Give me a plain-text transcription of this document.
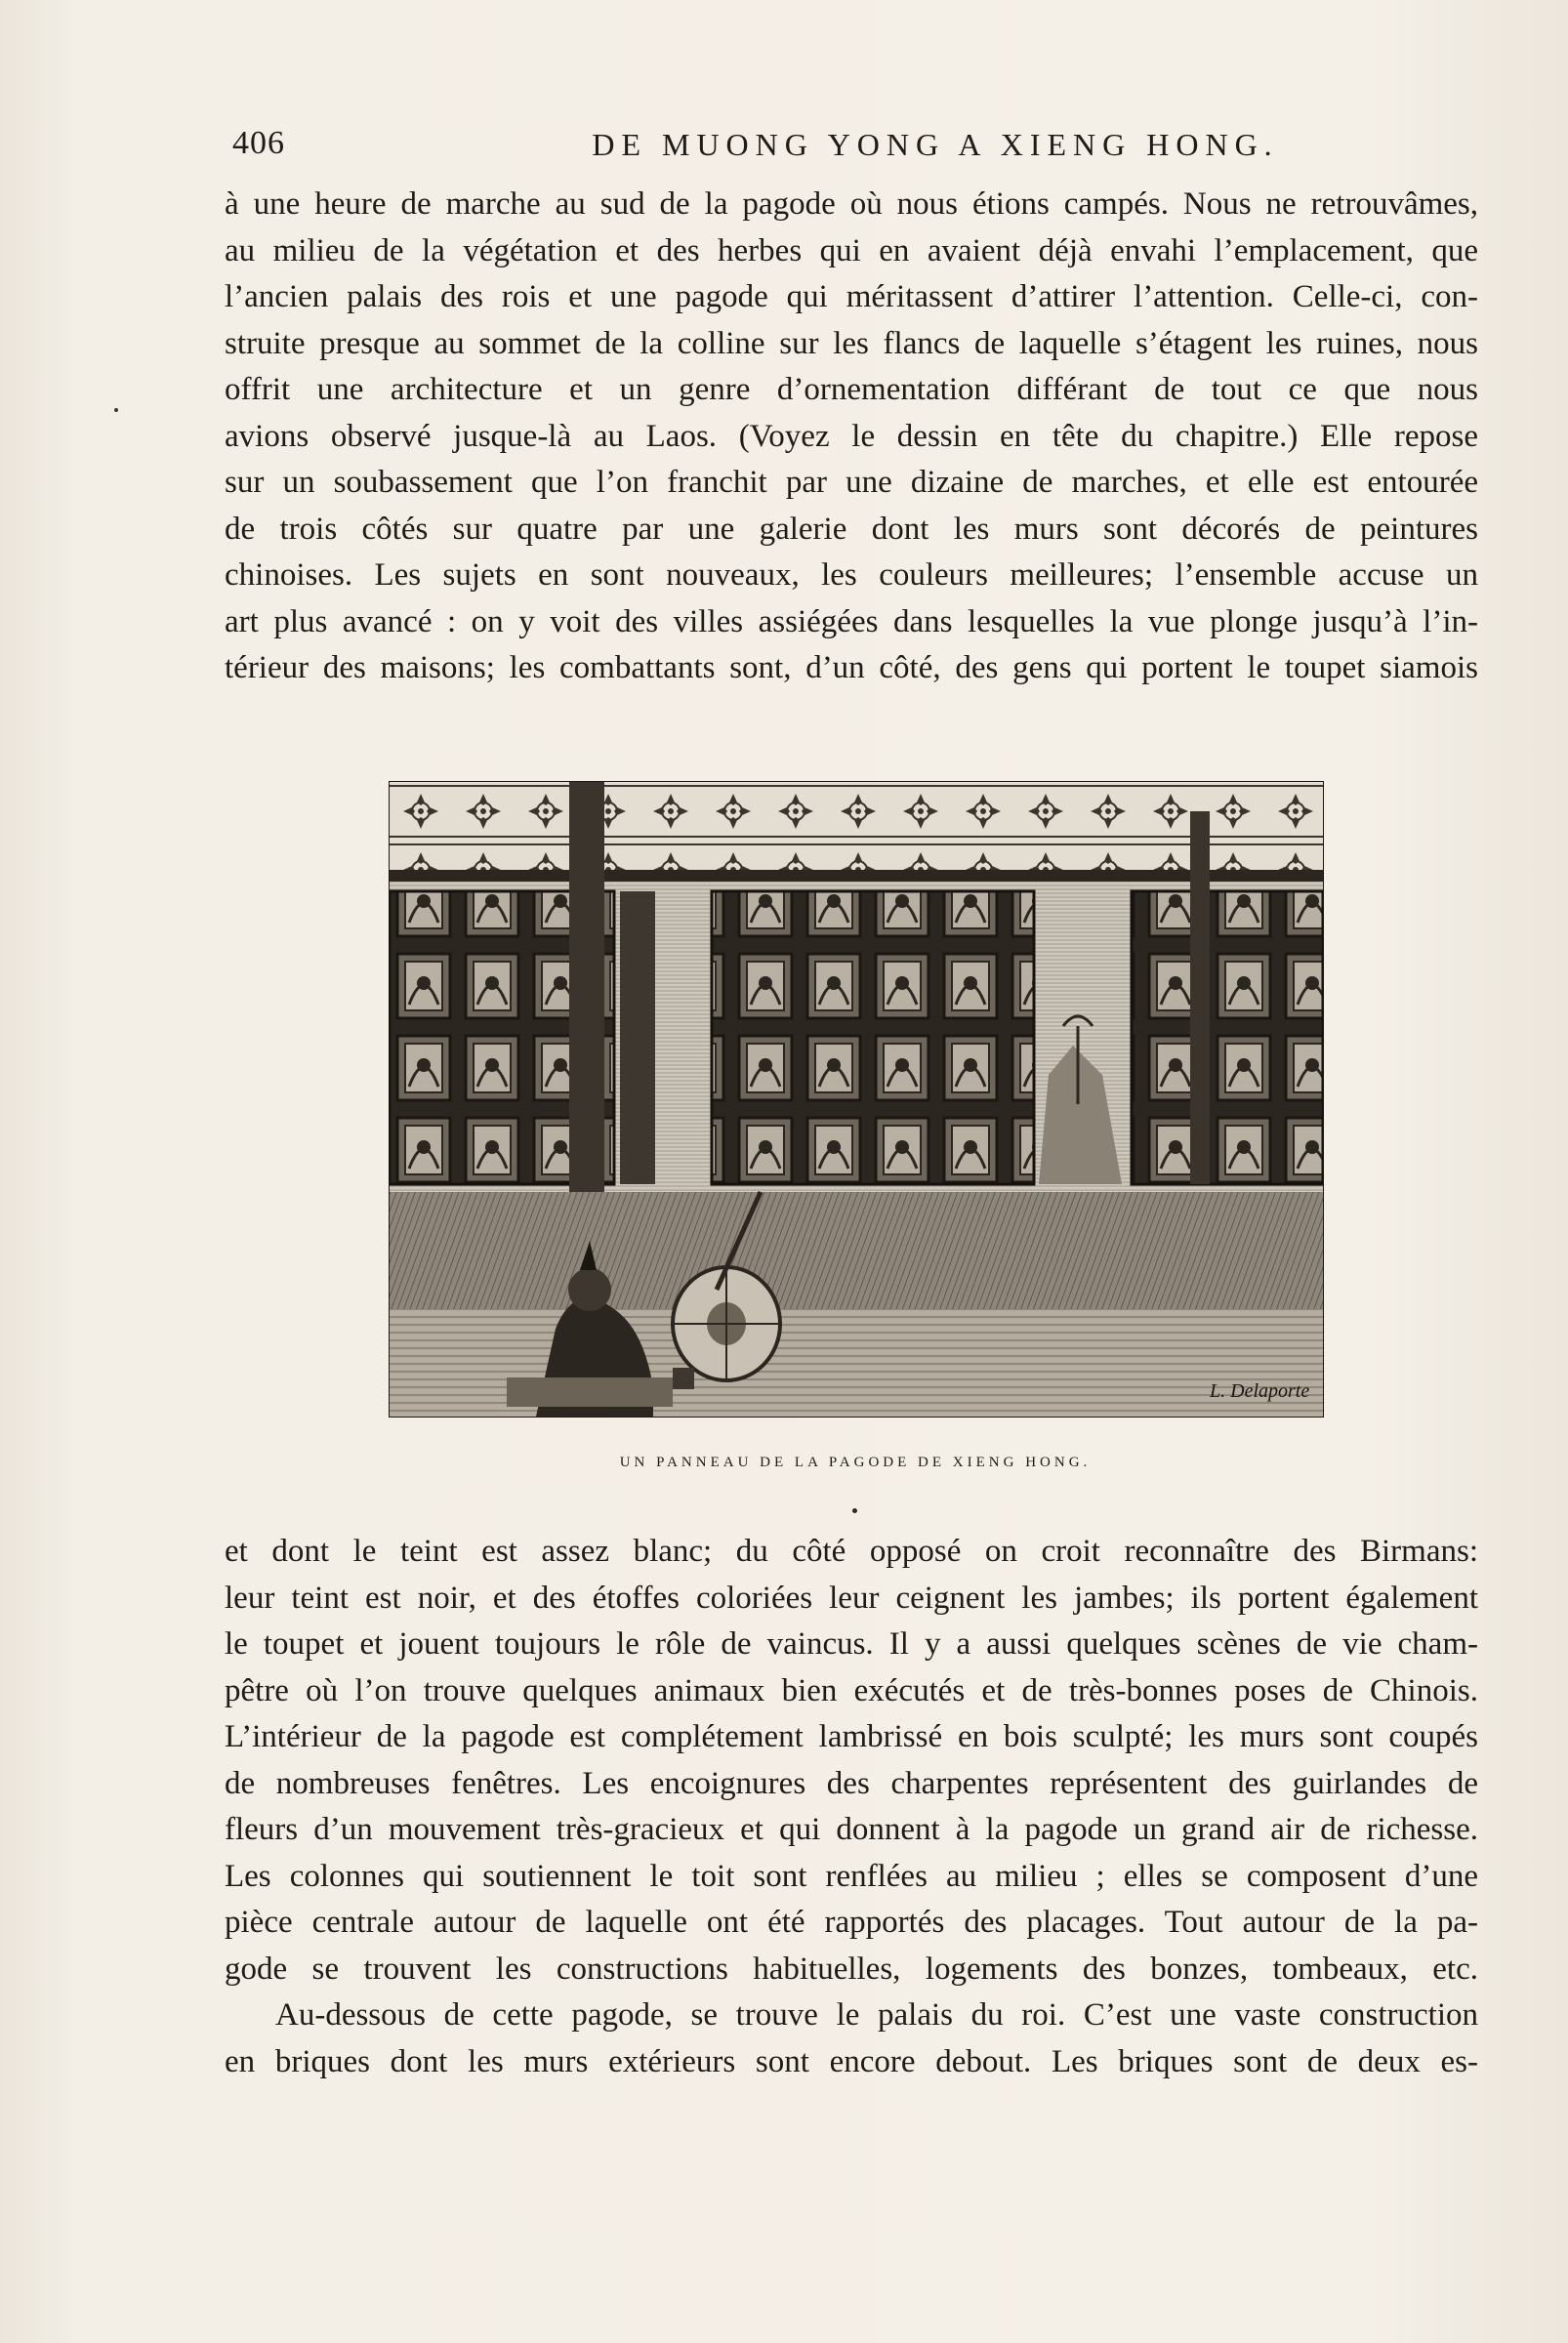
406	DE MUONG YONG A XIENG HONG.
à une heure de marche au sud de la pagode où nous étions campés. Nous ne retrouvâmes,
au milieu de la végétation et des herbes qui en avaient déjà envahi l’emplacement, que
l’ancien palais des rois et une pagode qui méritassent d’attirer l’attention. Celle-ci, con-
struite presque au sommet de la colline sur les flancs de laquelle s’étagent les ruines, nous
offrit une architecture et un genre d’ornementation différant de tout ce que nous
avions observé jusque-là au Laos. (Voyez le dessin en tête du chapitre.) Elle repose
sur un soubassement que l’on franchit par une dizaine de marches, et elle est entourée
de trois côtés sur quatre par une galerie dont les murs sont décorés de peintures
chinoises. Les sujets en sont nouveaux, les couleurs meilleures; l’ensemble accuse un
art plus avancé : on y voit des villes assiégées dans lesquelles la vue plonge jusqu’à l’in-
térieur des maisons; les combattants sont, d’un côté, des gens qui portent le toupet siamois
L. Delaporte
UN PANNEAU DE LA PAGODE DE XIENG HONG.
et dont le teint est assez blanc; du côté opposé on croit reconnaître des Birmans:
leur teint est noir, et des étoffes coloriées leur ceignent les jambes; ils portent également
le toupet et jouent toujours le rôle de vaincus. Il y a aussi quelques scènes de vie cham-
pêtre où l’on trouve quelques animaux bien exécutés et de très-bonnes poses de Chinois.
L’intérieur de la pagode est complétement lambrissé en bois sculpté; les murs sont coupés
de nombreuses fenêtres. Les encoignures des charpentes représentent des guirlandes de
fleurs d’un mouvement très-gracieux et qui donnent à la pagode un grand air de richesse.
Les colonnes qui soutiennent le toit sont renflées au milieu ; elles se composent d’une
pièce centrale autour de laquelle ont été rapportés des placages. Tout autour de la pa-
gode se trouvent les constructions habituelles, logements des bonzes, tombeaux, etc.
Au-dessous de cette pagode, se trouve le palais du roi. C’est une vaste construction
en briques dont les murs extérieurs sont encore debout. Les briques sont de deux es-
